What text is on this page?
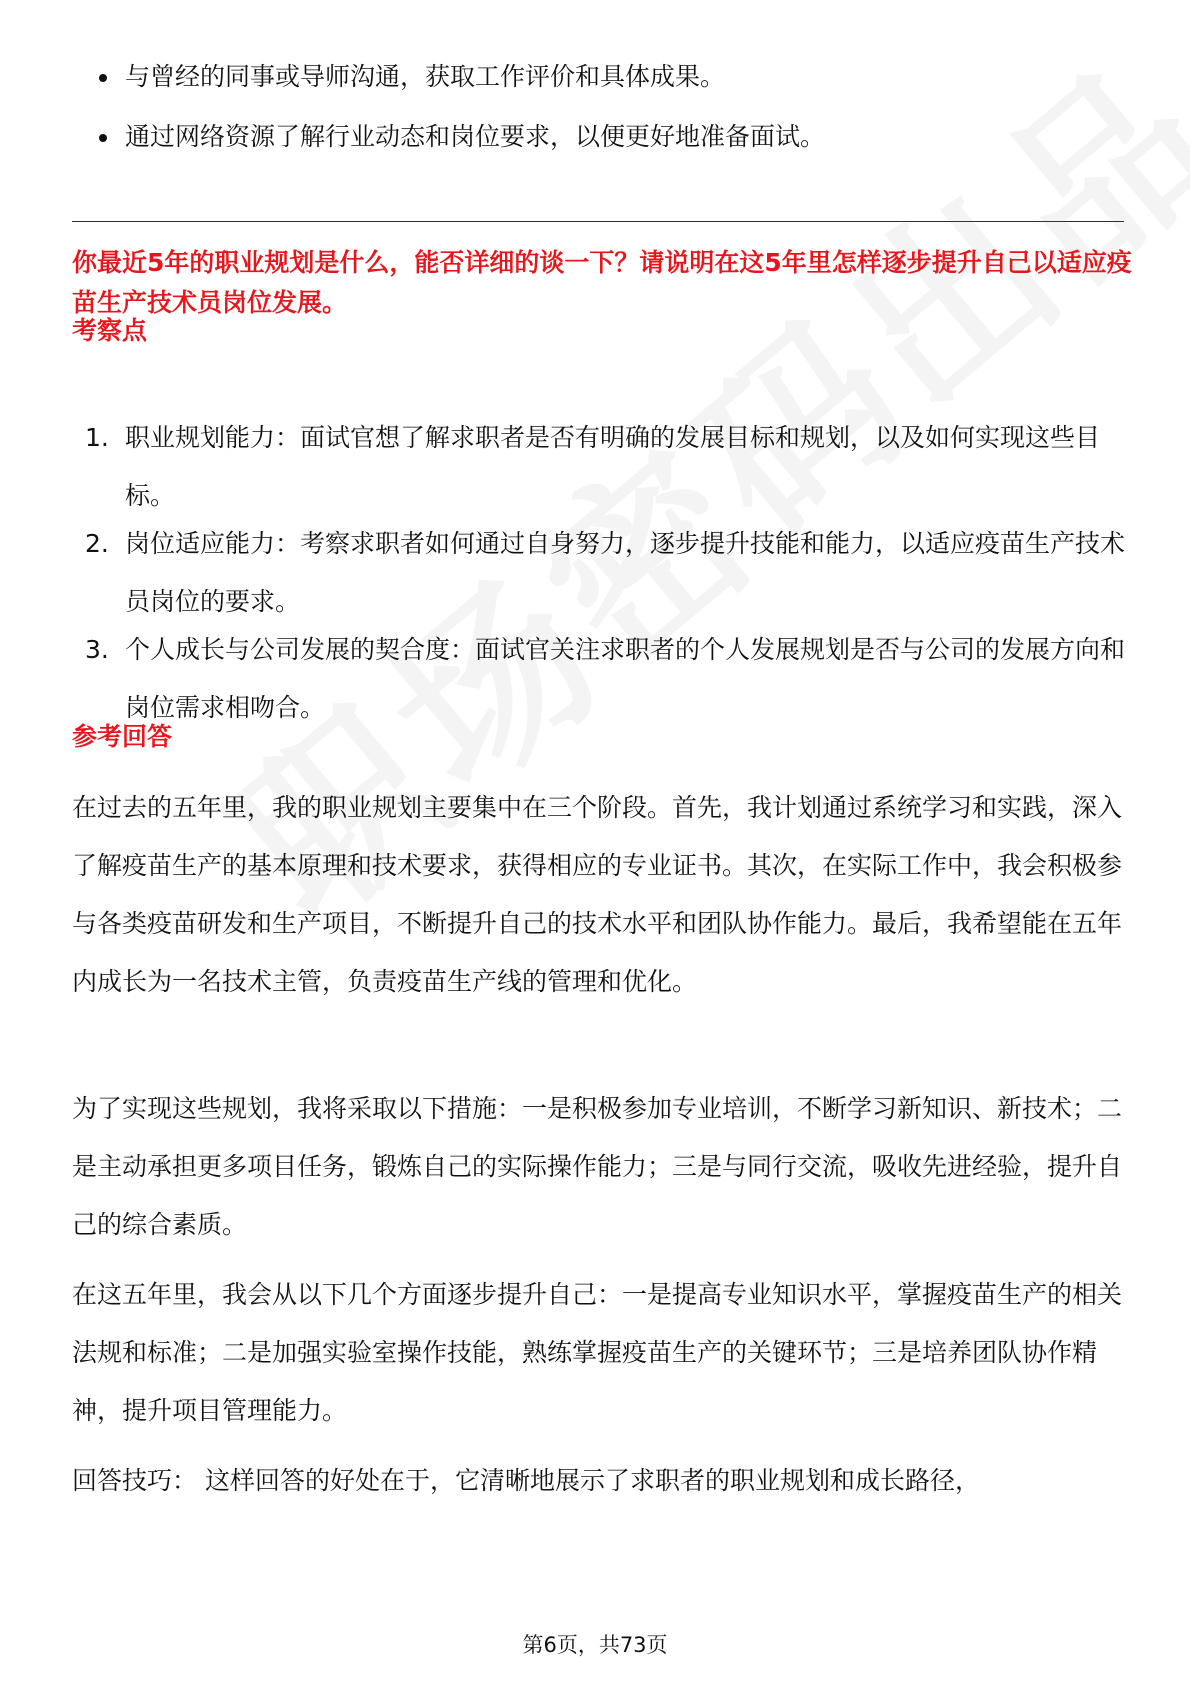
与曾经的同事或导师沟通，获取工作评价和具体成果。
通过网络资源了解行业动态和岗位要求，以便更好地准备面试。
你最近5年的职业规划是什么，能否详细的谈一下？请说明在这5年里怎样逐步提升自己以适应疫苗生产技术员岗位发展。
考察点
1. 职业规划能力：面试官想了解求职者是否有明确的发展目标和规划，以及如何实现这些目标。
2. 岗位适应能力：考察求职者如何通过自身努力，逐步提升技能和能力，以适应疫苗生产技术员岗位的要求。
3. 个人成长与公司发展的契合度：面试官关注求职者的个人发展规划是否与公司的发展方向和岗位需求相吻合。
参考回答

在过去的五年里，我的职业规划主要集中在三个阶段。首先，我计划通过系统学习和实践，深入了解疫苗生产的基本原理和技术要求，获得相应的专业证书。其次，在实际工作中，我会积极参与各类疫苗研发和生产项目，不断提升自己的技术水平和团队协作能力。最后，我希望能在五年内成长为一名技术主管，负责疫苗生产线的管理和优化。

为了实现这些规划，我将采取以下措施：一是积极参加专业培训，不断学习新知识、新技术；二是主动承担更多项目任务，锻炼自己的实际操作能力；三是与同行交流，吸收先进经验，提升自己的综合素质。

在这五年里，我会从以下几个方面逐步提升自己：一是提高专业知识水平，掌握疫苗生产的相关法规和标准；二是加强实验室操作技能，熟练掌握疫苗生产的关键环节；三是培养团队协作精神，提升项目管理能力。

回答技巧： 这样回答的好处在于，它清晰地展示了求职者的职业规划和成长路径，

第6页，共73页
